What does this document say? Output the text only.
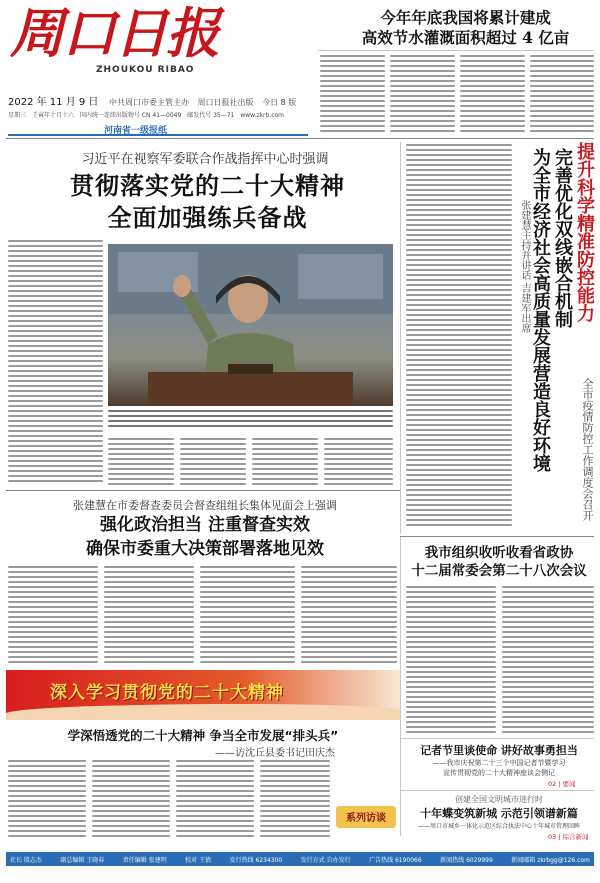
周口日报
ZHOUKOU RIBAO
2022 年 11 月 9 日 中共周口市委主管主办 周口日报社出版 今日 8 版
星期三 壬寅年十月十六 国内统一连续出版物号 CN 41—0049 邮发代号 35—71 www.zkrb.com
河南省一级报纸
今年年底我国将累计建成
高效节水灌溉面积超过 4 亿亩
习近平在视察军委联合作战指挥中心时强调
贯彻落实党的二十大精神
全面加强练兵备战	张建慧主持并讲话 吉建军出席 为全市经济社会高质量发展营造良好环境 完善优化双线嵌合机制 提升科学精准防控能力
全市疫情防控工作调度会召开
张建慧在市委督查委员会督查组组长集体见面会上强调
强化政治担当 注重督查实效
确保市委重大决策部署落地见效	我市组织收听收看省政协
十二届常委会第二十八次会议
深入学习贯彻党的二十大精神
学深悟透党的二十大精神 争当全市发展“排头兵”
——访沈丘县委书记田庆杰
系列访谈
记者节里谈使命 讲好故事勇担当
——我市庆祝第二十三个中国记者节暨学习
宣传贯彻党的二十大精神座谈会侧记
02 | 要闻
创建全国文明城市进行时
十年蝶变筑新城 示范引领谱新篇
——周口市城乡一体化示范区综合执法中心十年城市管理回眸
03 | 综合新闻
社长 殷志杰	副总编辑 王晓春	责任编辑 张建明	校对 王倩	发行热线 6234300	发行方式 自办发行	广告热线 6190066	新闻热线 6029999	新闻邮箱 zkrbgg@126.com
